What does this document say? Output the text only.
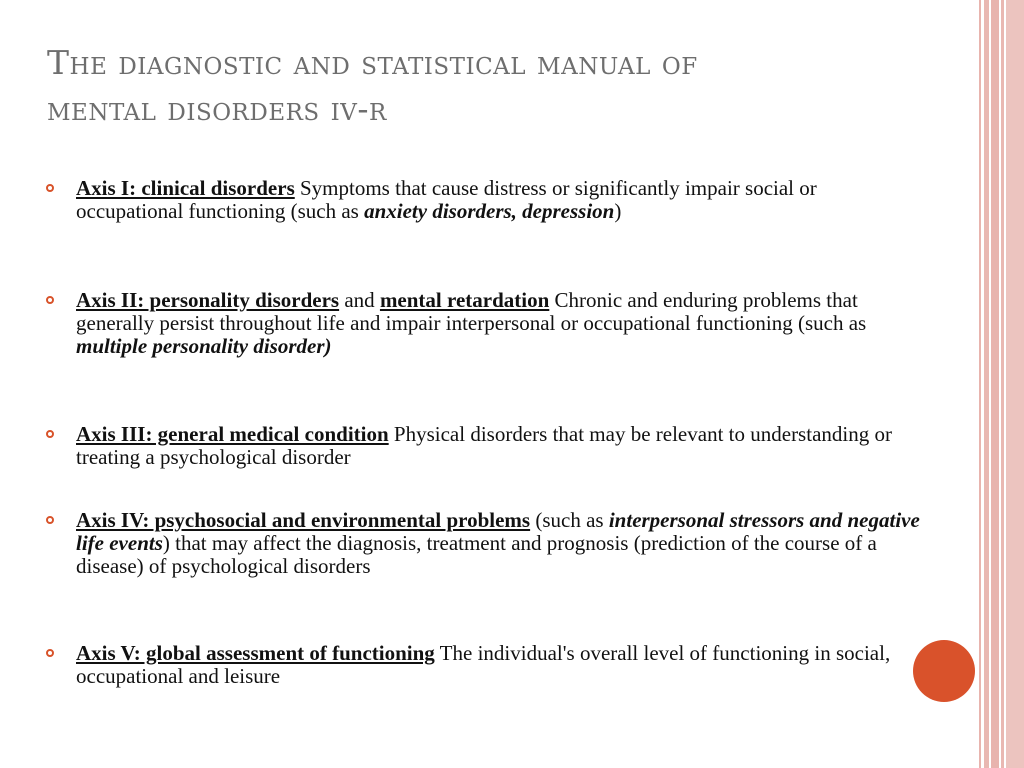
The diagnostic and statistical manual of
mental disorders iv-r
Axis I: clinical disorders Symptoms that cause distress or significantly impair social or occupational functioning (such as anxiety disorders, depression)
Axis II: personality disorders and mental retardation Chronic and enduring problems that generally persist throughout life and impair interpersonal or occupational functioning (such as multiple personality disorder)
Axis III: general medical condition Physical disorders that may be relevant to understanding or treating a psychological disorder
Axis IV: psychosocial and environmental problems (such as interpersonal stressors and negative life events) that may affect the diagnosis, treatment and prognosis (prediction of the course of a disease) of psychological disorders
Axis V: global assessment of functioning The individual's overall level of functioning in social, occupational and leisure
